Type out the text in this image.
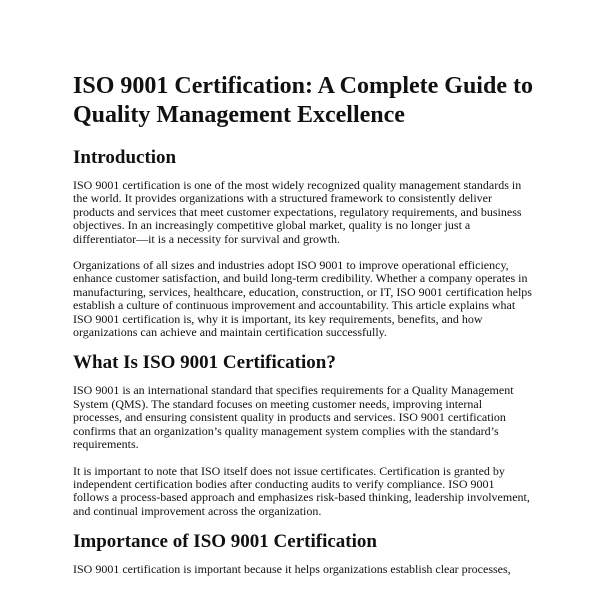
ISO 9001 Certification: A Complete Guide to Quality Management Excellence
Introduction

ISO 9001 certification is one of the most widely recognized quality management standards in the world. It provides organizations with a structured framework to consistently deliver products and services that meet customer expectations, regulatory requirements, and business objectives. In an increasingly competitive global market, quality is no longer just a differentiator—it is a necessity for survival and growth.

Organizations of all sizes and industries adopt ISO 9001 to improve operational efficiency, enhance customer satisfaction, and build long-term credibility. Whether a company operates in manufacturing, services, healthcare, education, construction, or IT, ISO 9001 certification helps establish a culture of continuous improvement and accountability. This article explains what ISO 9001 certification is, why it is important, its key requirements, benefits, and how organizations can achieve and maintain certification successfully.

What Is ISO 9001 Certification?

ISO 9001 is an international standard that specifies requirements for a Quality Management System (QMS). The standard focuses on meeting customer needs, improving internal processes, and ensuring consistent quality in products and services. ISO 9001 certification confirms that an organization’s quality management system complies with the standard’s requirements.

It is important to note that ISO itself does not issue certificates. Certification is granted by independent certification bodies after conducting audits to verify compliance. ISO 9001 follows a process-based approach and emphasizes risk-based thinking, leadership involvement, and continual improvement across the organization.

Importance of ISO 9001 Certification

ISO 9001 certification is important because it helps organizations establish clear processes,
